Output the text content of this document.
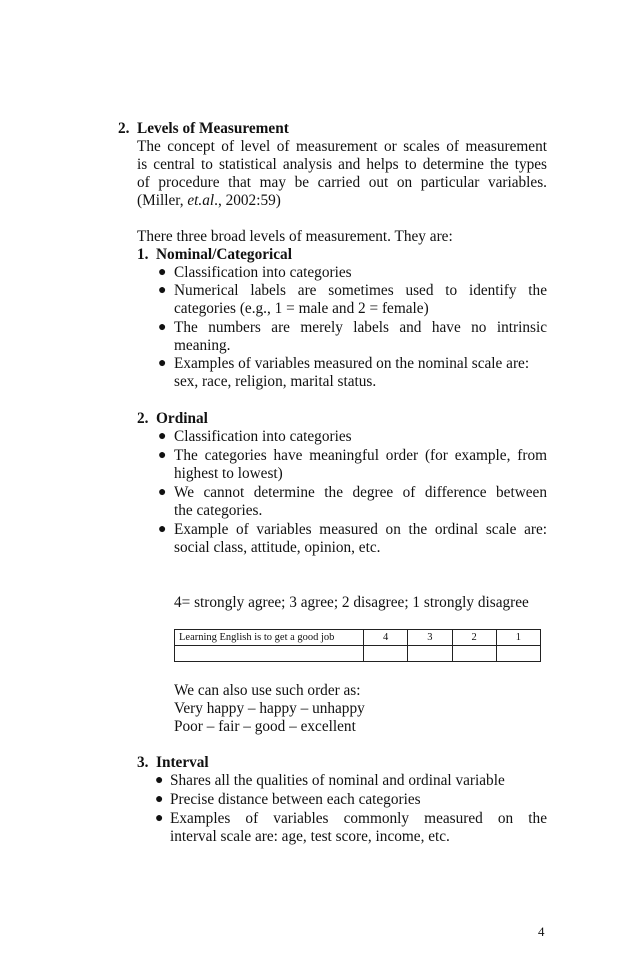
2. Levels of Measurement
The concept of level of measurement or scales of measurement
is central to statistical analysis and helps to determine the types
of procedure that may be carried out on particular variables.
(Miller, et.al., 2002:59)
There three broad levels of measurement. They are:
1. Nominal/Categorical
● Classification into categories
● Numerical labels are sometimes used to identify the
categories (e.g., 1 = male and 2 = female)
● The numbers are merely labels and have no intrinsic
meaning.
● Examples of variables measured on the nominal scale are:
sex, race, religion, marital status.
2. Ordinal
● Classification into categories
● The categories have meaningful order (for example, from
highest to lowest)
● We cannot determine the degree of difference between
the categories.
● Example of variables measured on the ordinal scale are:
social class, attitude, opinion, etc.
4= strongly agree; 3 agree; 2 disagree; 1 strongly disagree
Learning English is to get a good job	4	3	2	1

We can also use such order as:
Very happy – happy – unhappy
Poor – fair – good – excellent
3. Interval
● Shares all the qualities of nominal and ordinal variable
● Precise distance between each categories
● Examples of variables commonly measured on the
interval scale are: age, test score, income, etc.
4
